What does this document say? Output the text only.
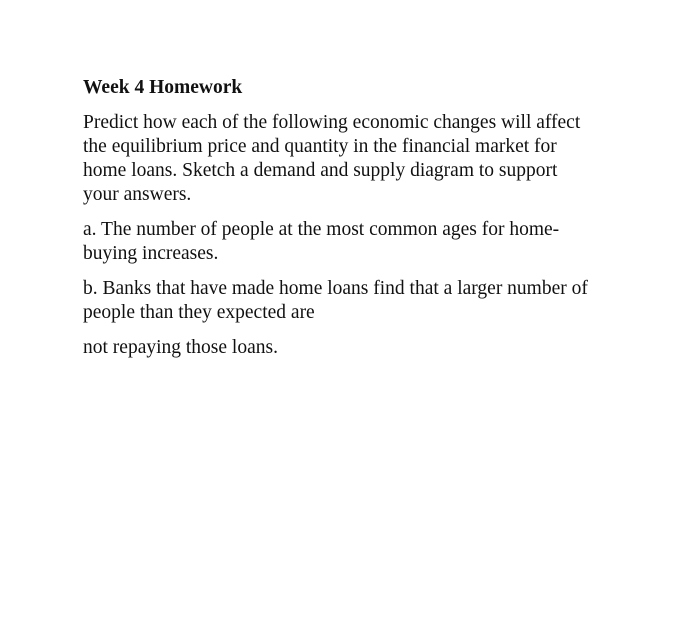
Week 4 Homework
Predict how each of the following economic changes will affect
the equilibrium price and quantity in the financial market for
home loans. Sketch a demand and supply diagram to support
your answers.
a. The number of people at the most common ages for home-
buying increases.
b. Banks that have made home loans find that a larger number of
people than they expected are
not repaying those loans.
